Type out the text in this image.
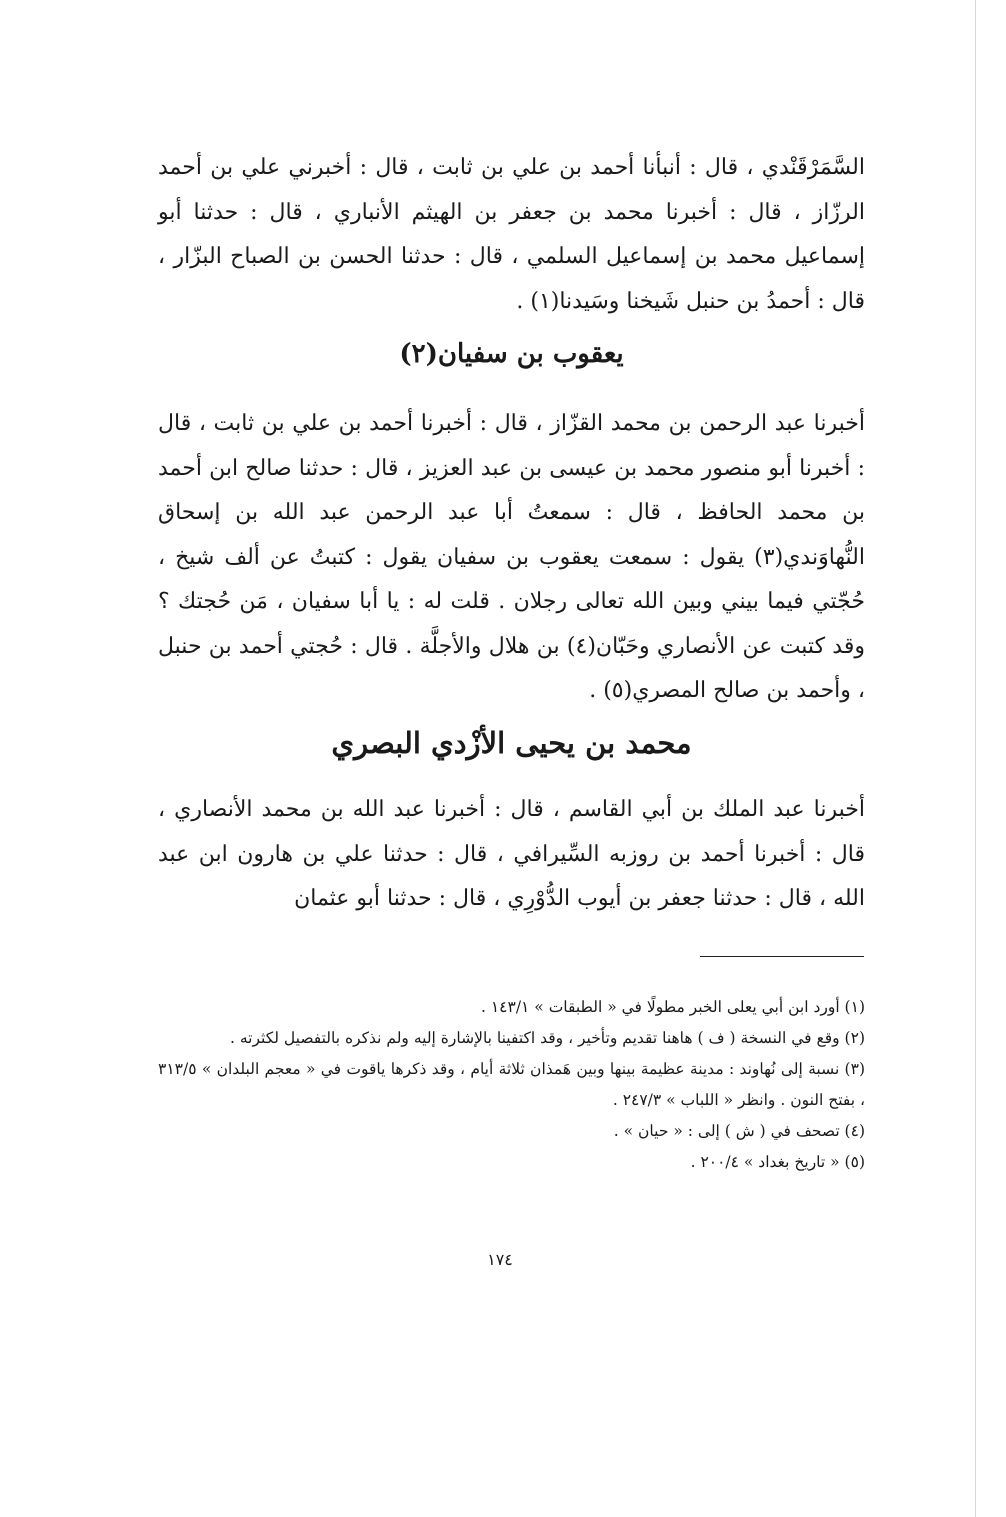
السَّمَرْقَنْدي ، قال : أنبأنا أحمد بن علي بن ثابت ، قال : أخبرني علي بن أحمد الرزّاز ، قال : أخبرنا محمد بن جعفر بن الهيثم الأنباري ، قال : حدثنا أبو إسماعيل محمد بن إسماعيل السلمي ، قال : حدثنا الحسن بن الصباح البزّار ، قال : أحمدُ بن حنبل شَيخنا وسَيدنا(١) .
يعقوب بن سفيان(٢)
أخبرنا عبد الرحمن بن محمد القزّاز ، قال : أخبرنا أحمد بن علي بن ثابت ، قال : أخبرنا أبو منصور محمد بن عيسى بن عبد العزيز ، قال : حدثنا صالح ابن أحمد بن محمد الحافظ ، قال : سمعتُ أبا عبد الرحمن عبد الله بن إسحاق النُّهاوَندي(٣) يقول : سمعت يعقوب بن سفيان يقول : كتبتُ عن ألف شيخ ، حُجّتي فيما بيني وبين الله تعالى رجلان . قلت له : يا أبا سفيان ، مَن حُجتك ؟ وقد كتبت عن الأنصاري وحَبّان(٤) بن هلال والأجلَّة . قال : حُجتي أحمد بن حنبل ، وأحمد بن صالح المصري(٥) .
محمد بن يحيى الأزْدي البصري
أخبرنا عبد الملك بن أبي القاسم ، قال : أخبرنا عبد الله بن محمد الأنصاري ، قال : أخبرنا أحمد بن روزبه السِّيرافي ، قال : حدثنا علي بن هارون ابن عبد الله ، قال : حدثنا جعفر بن أيوب الدُّوْرِي ، قال : حدثنا أبو عثمان
(١) أورد ابن أبي يعلى الخبر مطولًا في « الطبقات » ١٤٣/١ .
(٢) وقع في النسخة ( ف ) هاهنا تقديم وتأخير ، وقد اكتفينا بالإشارة إليه ولم نذكره بالتفصيل لكثرته .
(٣) نسبة إلى نُهاوند : مدينة عظيمة بينها وبين هَمذان ثلاثة أيام ، وقد ذكرها ياقوت في « معجم البلدان » ٣١٣/٥ ، بفتح النون . وانظر « اللباب » ٢٤٧/٣ .
(٤) تصحف في ( ش ) إلى : « حيان » .
(٥) « تاريخ بغداد » ٢٠٠/٤ .
١٧٤
